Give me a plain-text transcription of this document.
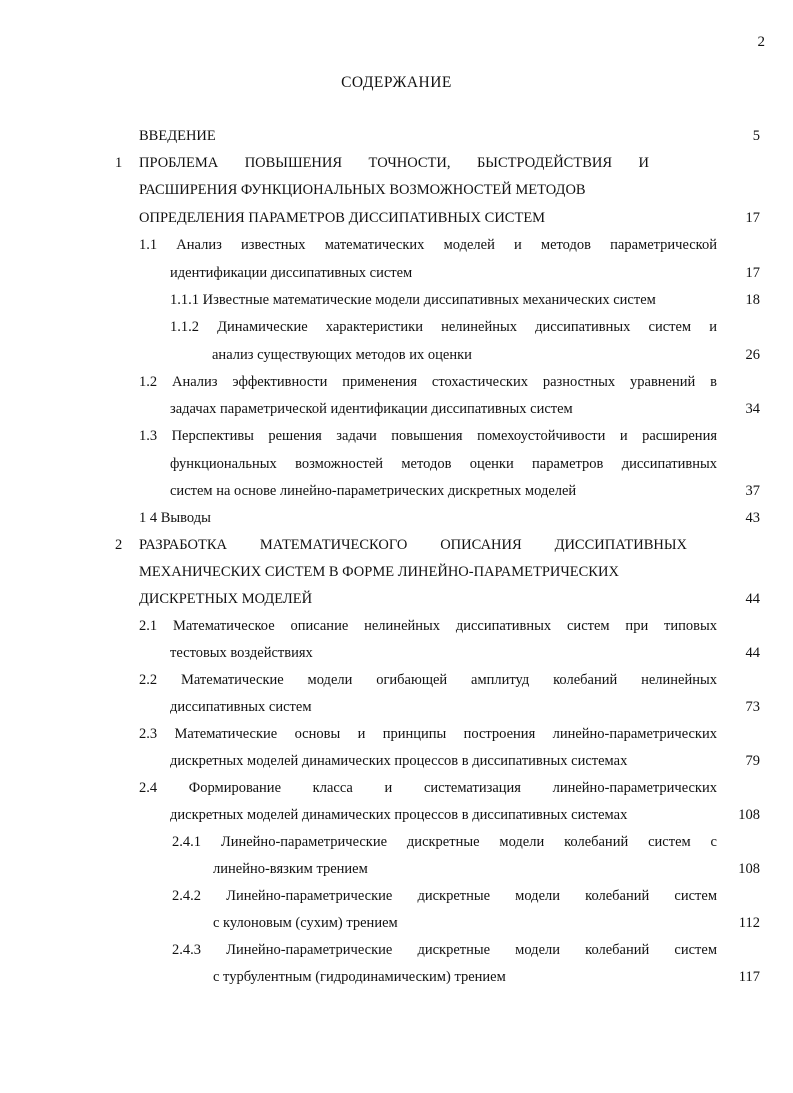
2
СОДЕРЖАНИЕ
ВВЕДЕНИЕ	5
1 ПРОБЛЕМА ПОВЫШЕНИЯ ТОЧНОСТИ, БЫСТРОДЕЙСТВИЯ И
РАСШИРЕНИЯ ФУНКЦИОНАЛЬНЫХ ВОЗМОЖНОСТЕЙ МЕТОДОВ
ОПРЕДЕЛЕНИЯ ПАРАМЕТРОВ ДИССИПАТИВНЫХ СИСТЕМ	17
1.1 Анализ известных математических моделей и методов параметрической
идентификации диссипативных систем	17
1.1.1 Известные математические модели диссипативных механических систем	18
1.1.2 Динамические характеристики нелинейных диссипативных систем и
анализ существующих методов их оценки	26
1.2 Анализ эффективности применения стохастических разностных уравнений в
задачах параметрической идентификации диссипативных систем	34
1.3 Перспективы решения задачи повышения помехоустойчивости и расширения
функциональных возможностей методов оценки параметров диссипативных
систем на основе линейно-параметрических дискретных моделей	37
1 4 Выводы	43
2 РАЗРАБОТКА МАТЕМАТИЧЕСКОГО ОПИСАНИЯ ДИССИПАТИВНЫХ
МЕХАНИЧЕСКИХ СИСТЕМ В ФОРМЕ ЛИНЕЙНО-ПАРАМЕТРИЧЕСКИХ
ДИСКРЕТНЫХ МОДЕЛЕЙ	44
2.1 Математическое описание нелинейных диссипативных систем при типовых
тестовых воздействиях	44
2.2 Математические модели огибающей амплитуд колебаний нелинейных
диссипативных систем	73
2.3 Математические основы и принципы построения линейно-параметрических
дискретных моделей динамических процессов в диссипативных системах	79
2.4 Формирование класса и систематизация линейно-параметрических
дискретных моделей динамических процессов в диссипативных системах	108
2.4.1 Линейно-параметрические дискретные модели колебаний систем с
линейно-вязким трением	108
2.4.2 Линейно-параметрические дискретные модели колебаний систем
с кулоновым (сухим) трением	112
2.4.3 Линейно-параметрические дискретные модели колебаний систем
с турбулентным (гидродинамическим) трением	117
